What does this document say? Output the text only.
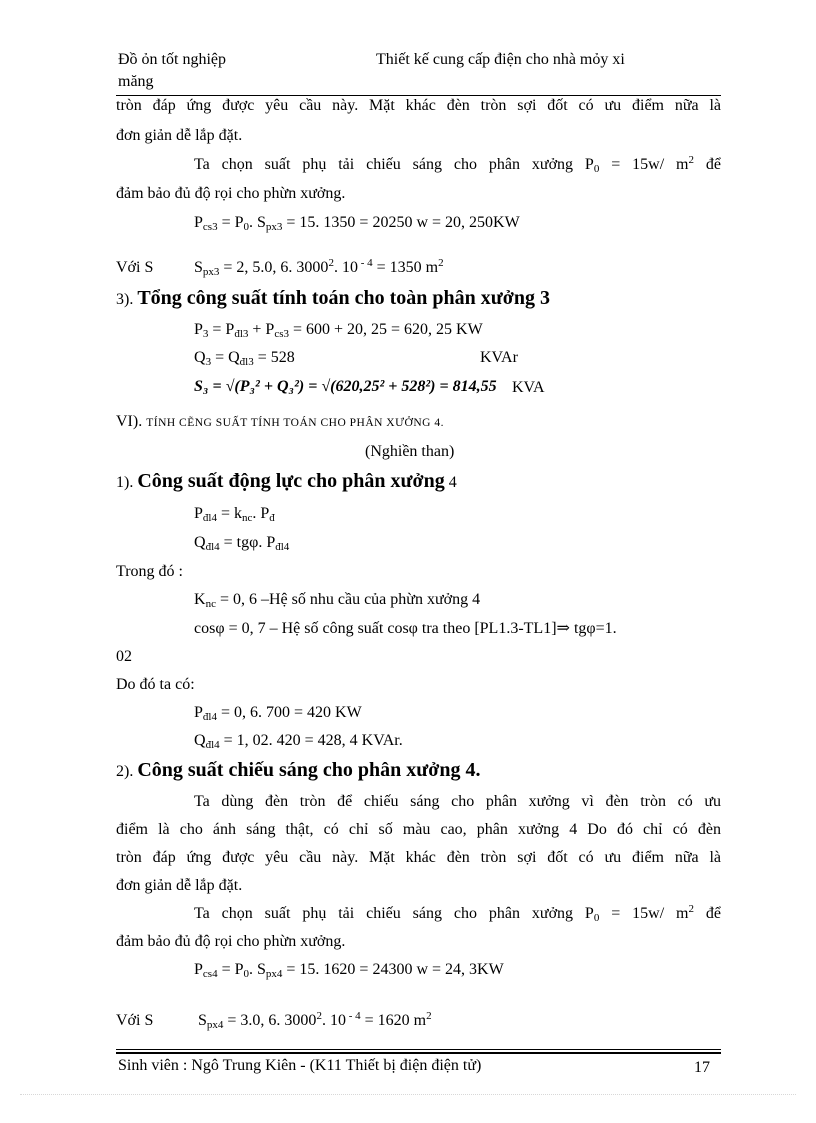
Đồ ỏn tốt nghiệp	Thiết kế cung cấp điện cho nhà mỏy xi
măng
tròn đáp ứng được yêu cầu này. Mặt khác đèn tròn sợi đốt có ưu điểm nữa là
đơn giản dễ lắp đặt.
Ta chọn suất phụ tải chiếu sáng cho phân xưởng $P_0 = 15w/$ $m^2$ để
đảm bảo đủ độ rọi cho phừn xưởng.
$P_{cs3} = P_0$. $S_{px3} = 15$. 1350 = 20250 w = 20, 250KW
Với S	$S_{px3} = 2$, 5.0, 6. 3000$^2$. 10 $^{- 4}$ = 1350 $m^2$
3). Tổng công suất tính toán cho toàn phân xưởng 3
$P_3 = P_{đl3} + P_{cs3} = 600 + 20$, 25 = 620, 25 KW
$Q_3 = Q_{đl3} = 528$	KVAr
S₃ = √(P₃² + Q₃²) = √(620,25² + 528²) = 814,55 KVA
VI). TÍNH CẼNG SUẤT TÍNH TOÁN CHO PHÂN XƯỞNG 4.
(Nghiền than)
1). Công suất động lực cho phân xưởng 4
$P_{đl4} = k_{nc}$. $P_đ$
$Q_{đl4} = tg\varphi$. $P_{đl4}$
Trong đó :
$K_{nc} = 0$, 6 –Hệ số nhu cầu của phừn xưởng 4
cosφ = 0, 7 – Hệ số công suất cosφ tra theo [PL1.3-TL1]⇒ tgφ=1.
02
Do đó ta có:
$P_{đl4} = 0$, 6. 700 = 420 KW
$Q_{đl4} = 1$, 02. 420 = 428, 4 KVAr.
2). Công suất chiếu sáng cho phân xưởng 4.
Ta dùng đèn tròn để chiếu sáng cho phân xưởng vì đèn tròn có ưu
điểm là cho ánh sáng thật, có chỉ số màu cao, phân xưởng 4 Do đó chỉ có đèn
tròn đáp ứng được yêu cầu này. Mặt khác đèn tròn sợi đốt có ưu điểm nữa là
đơn giản dễ lắp đặt.
Ta chọn suất phụ tải chiếu sáng cho phân xưởng $P_0 = 15w/$ $m^2$ để
đảm bảo đủ độ rọi cho phừn xưởng.
$P_{cs4} = P_0$. $S_{px4} = 15$. 1620 = 24300 w = 24, 3KW
Với S	$S_{px4} = 3.0$, 6. 3000$^2$. 10 $^{- 4}$ = 1620 $m^2$
Sinh viên : Ngô Trung Kiên - (K11 Thiết bị điện điện tử)	17
